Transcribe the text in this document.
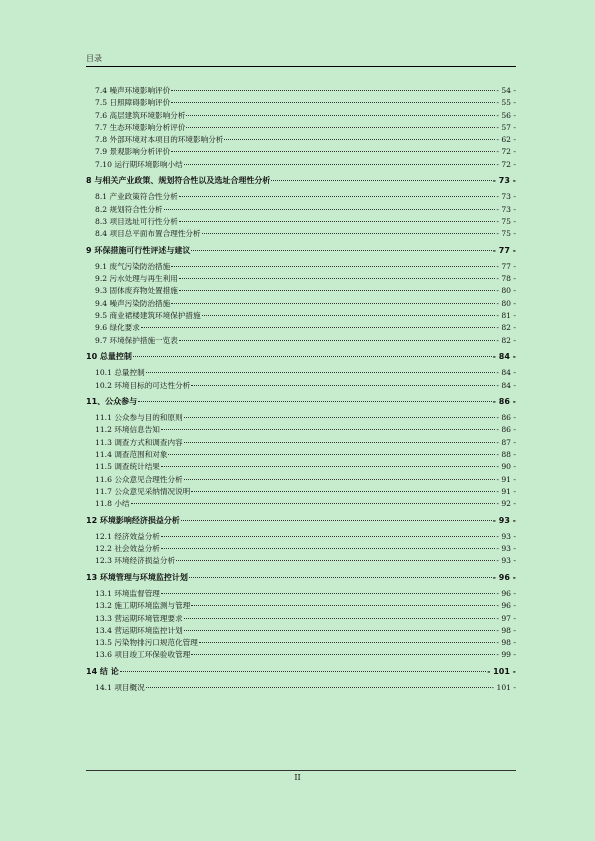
目录
7.4 噪声环境影响评价	- 54 -
7.5 日照障碍影响评价	- 55 -
7.6 高层建筑环境影响分析	- 56 -
7.7 生态环境影响分析评价	- 57 -
7.8 外部环境对本项目的环境影响分析	- 62 -
7.9 景观影响分析评价	- 72 -
7.10 运行期环境影响小结	- 72 -
8 与相关产业政策、规划符合性以及选址合理性分析	- 73 -
8.1 产业政策符合性分析	- 73 -
8.2 规划符合性分析	- 73 -
8.3 项目选址可行性分析	- 75 -
8.4 项目总平面布置合理性分析	- 75 -
9 环保措施可行性评述与建议	- 77 -
9.1 废气污染防治措施	- 77 -
9.2 污水处理与再生利用	- 78 -
9.3 固体废弃物处置措施	- 80 -
9.4 噪声污染防治措施	- 80 -
9.5 商业裙楼建筑环境保护措施	- 81 -
9.6 绿化要求	- 82 -
9.7 环境保护措施一览表	- 82 -
10 总量控制	- 84 -
10.1 总量控制	- 84 -
10.2 环境目标的可达性分析	- 84 -
11、公众参与	- 86 -
11.1 公众参与目的和原则	- 86 -
11.2 环境信息告知	- 86 -
11.3 调查方式和调查内容	- 87 -
11.4 调查范围和对象	- 88 -
11.5 调查统计结果	- 90 -
11.6 公众意见合理性分析	- 91 -
11.7 公众意见采纳情况说明	- 91 -
11.8 小结	- 92 -
12 环境影响经济损益分析	- 93 -
12.1 经济效益分析	- 93 -
12.2 社会效益分析	- 93 -
12.3 环境经济损益分析	- 93 -
13 环境管理与环境监控计划	- 96 -
13.1 环境监督管理	- 96 -
13.2 施工期环境监测与管理	- 96 -
13.3 营运期环境管理要求	- 97 -
13.4 营运期环境监控计划	- 98 -
13.5 污染物排污口规范化管理	- 98 -
13.6 项目竣工环保验收管理	- 99 -
14 结 论	- 101 -
14.1 项目概况	- 101 -
II
